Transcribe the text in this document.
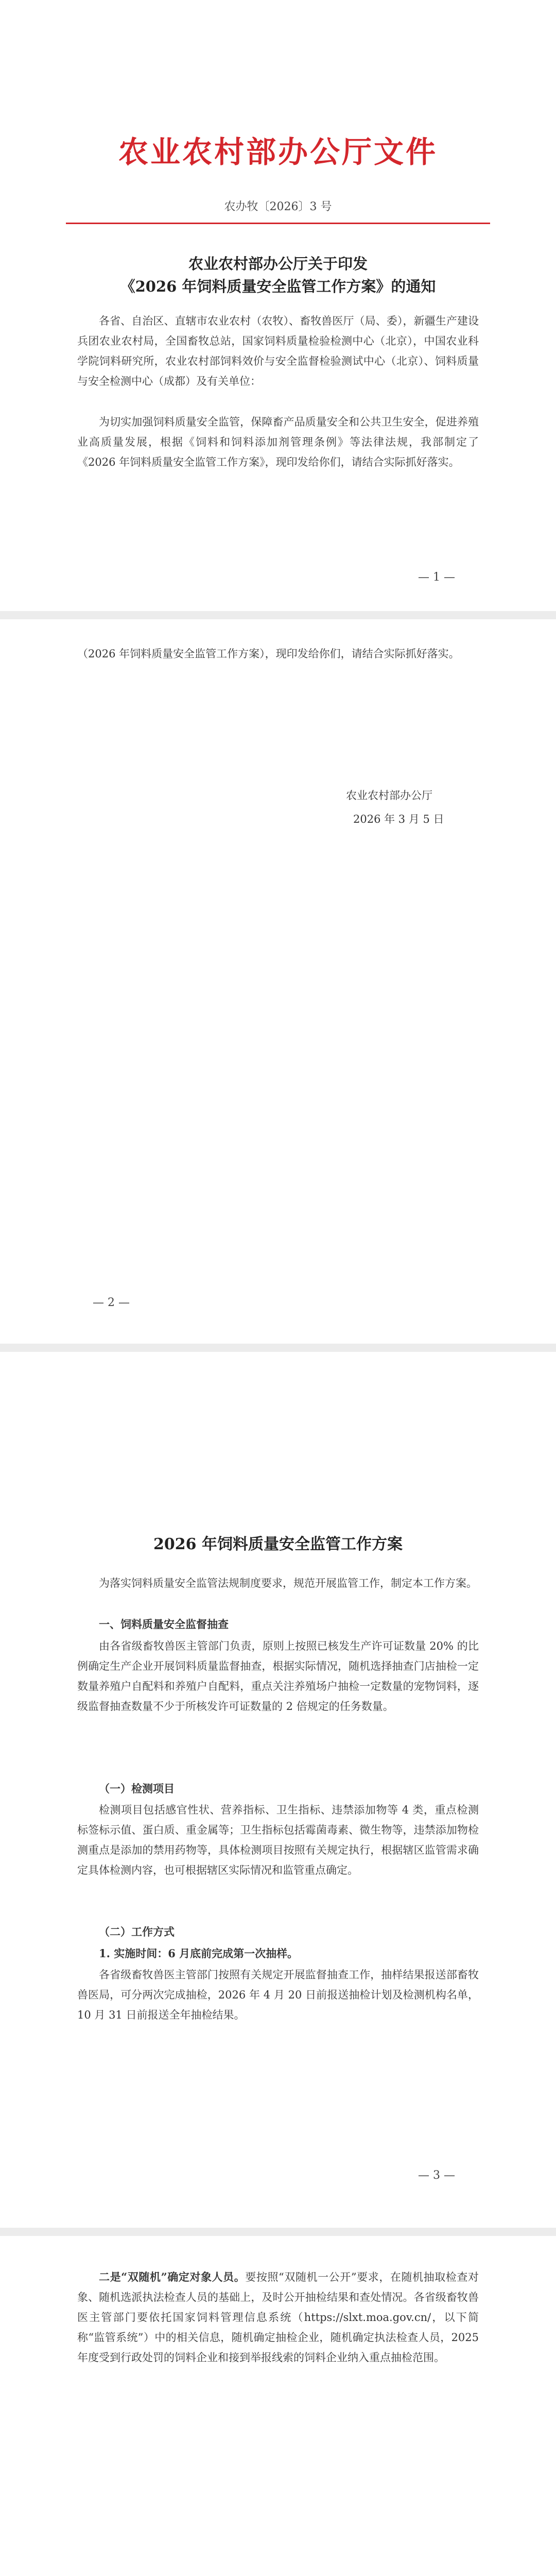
农业农村部办公厅文件
农办牧〔2026〕3 号
农业农村部办公厅关于印发
《2026 年饲料质量安全监管工作方案》的通知

各省、自治区、直辖市农业农村（农牧）、畜牧兽医厅（局、委），新疆生产建设兵团农业农村局，全国畜牧总站，国家饲料质量检验检测中心（北京），中国农业科学院饲料研究所，农业农村部饲料效价与安全监督检验测试中心（北京）、饲料质量与安全检测中心（成都）及有关单位：

为切实加强饲料质量安全监管，保障畜产品质量安全和公共卫生安全，促进养殖业高质量发展，根据《饲料和饲料添加剂管理条例》等法律法规，我部制定了《2026 年饲料质量安全监管工作方案》，现印发给你们，请结合实际抓好落实。

— 1 —

（2026 年饲料质量安全监管工作方案），现印发给你们，请结合实际抓好落实。

农业农村部办公厅
2026 年 3 月 5 日
— 2 —
2026 年饲料质量安全监管工作方案

为落实饲料质量安全监管法规制度要求，规范开展监管工作，制定本工作方案。

一、饲料质量安全监督抽查

由各省级畜牧兽医主管部门负责，原则上按照已核发生产许可证数量 20% 的比例确定生产企业开展饲料质量监督抽查，根据实际情况，随机选择抽查门店抽检一定数量养殖户自配料和养殖户自配料，重点关注养殖场户抽检一定数量的宠物饲料，逐级监督抽查数量不少于所核发许可证数量的 2 倍规定的任务数量。

（一）检测项目

检测项目包括感官性状、营养指标、卫生指标、违禁添加物等 4 类，重点检测标签标示值、蛋白质、重金属等；卫生指标包括霉菌毒素、微生物等，违禁添加物检测重点是添加的禁用药物等，具体检测项目按照有关规定执行，根据辖区监管需求确定具体检测内容，也可根据辖区实际情况和监管重点确定。

（二）工作方式

1. 实施时间：6 月底前完成第一次抽样。

各省级畜牧兽医主管部门按照有关规定开展监督抽查工作，抽样结果报送部畜牧兽医局，可分两次完成抽检，2026 年 4 月 20 日前报送抽检计划及检测机构名单，10 月 31 日前报送全年抽检结果。

— 3 —

二是“双随机”确定对象人员。要按照“双随机一公开”要求，在随机抽取检查对象、随机选派执法检查人员的基础上，及时公开抽检结果和查处情况。各省级畜牧兽医主管部门要依托国家饲料管理信息系统（https://slxt.moa.gov.cn/，以下简称“监管系统”）中的相关信息，随机确定抽检企业，随机确定执法检查人员，2025 年度受到行政处罚的饲料企业和接到举报线索的饲料企业纳入重点抽检范围。
